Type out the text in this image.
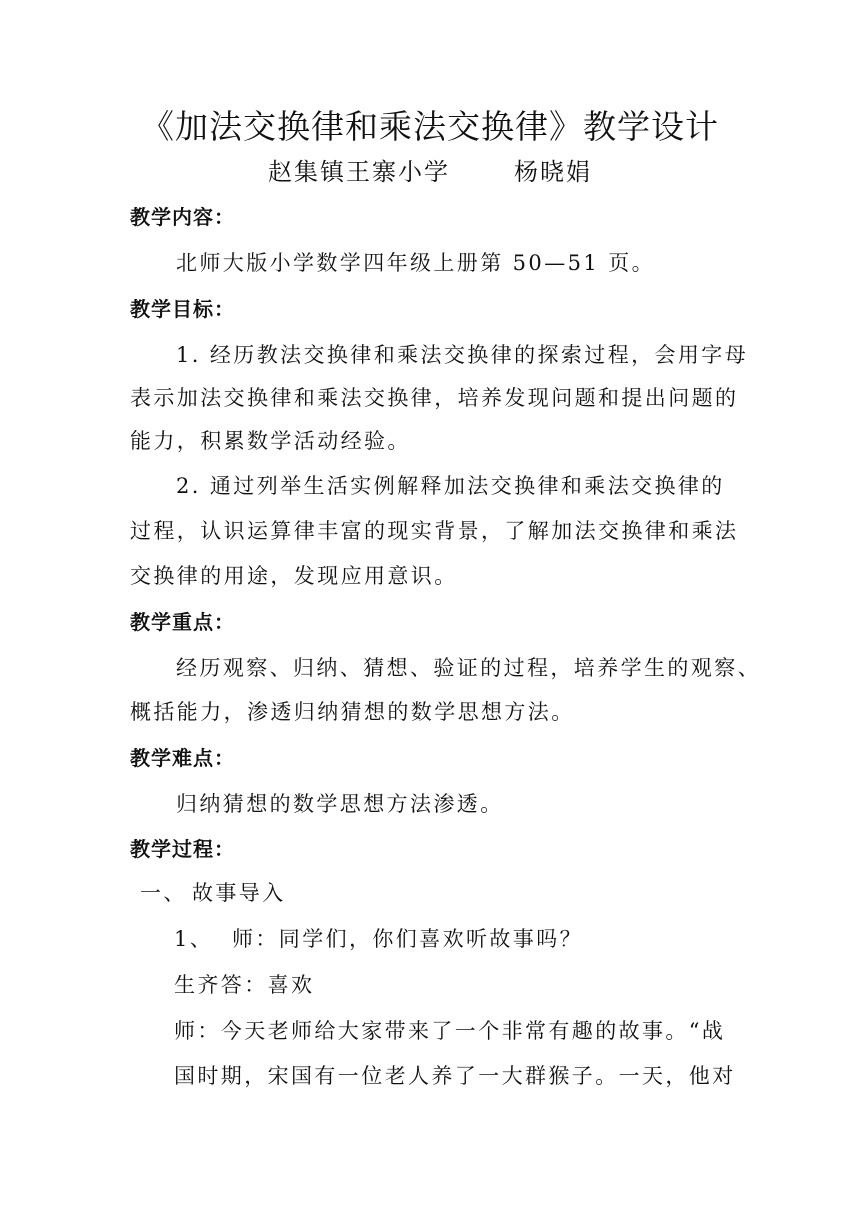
《加法交换律和乘法交换律》教学设计
赵集镇王寨小学	杨晓娟
教学内容：
北师大版小学数学四年级上册第 50—51 页。
教学目标：
1. 经历教法交换律和乘法交换律的探索过程，会用字母
表示加法交换律和乘法交换律，培养发现问题和提出问题的
能力，积累数学活动经验。
2. 通过列举生活实例解释加法交换律和乘法交换律的
过程，认识运算律丰富的现实背景，了解加法交换律和乘法
交换律的用途，发现应用意识。
教学重点：
经历观察、归纳、猜想、验证的过程，培养学生的观察、
概括能力，渗透归纳猜想的数学思想方法。
教学难点：
归纳猜想的数学思想方法渗透。
教学过程：
一、 故事导入
1、 师：同学们，你们喜欢听故事吗？
生齐答：喜欢
师：今天老师给大家带来了一个非常有趣的故事。“战
国时期，宋国有一位老人养了一大群猴子。一天，他对
